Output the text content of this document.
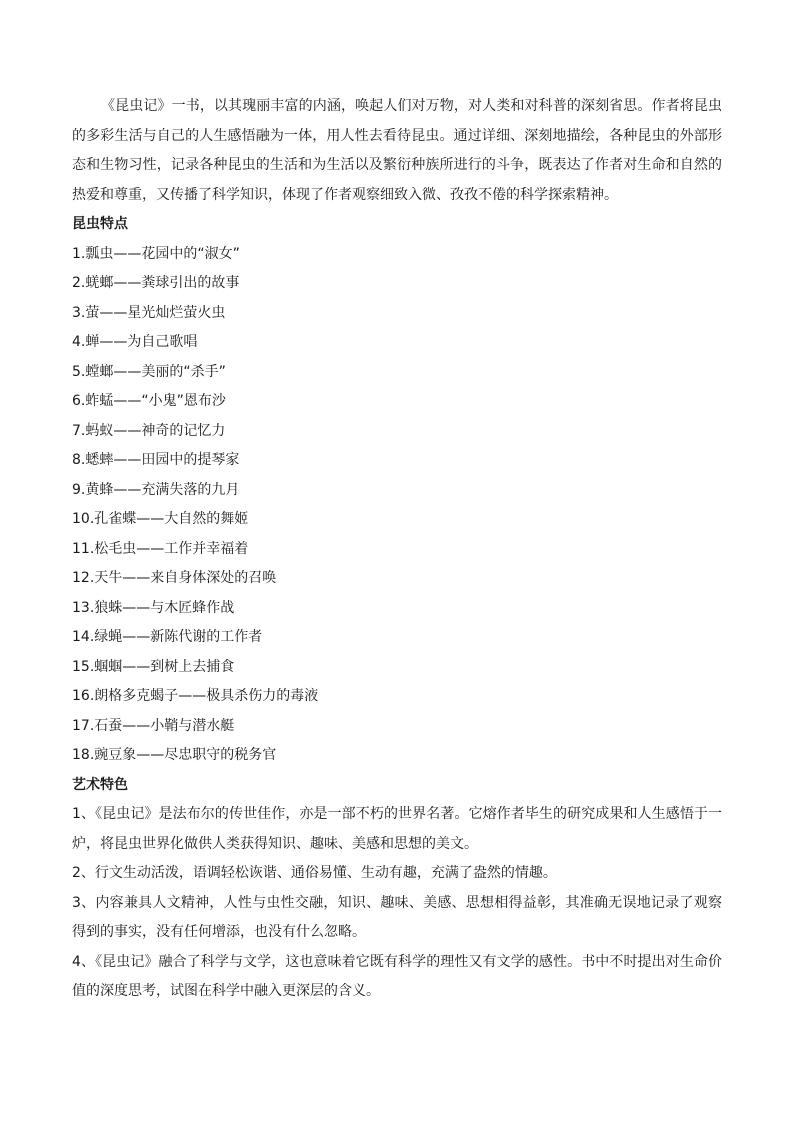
《昆虫记》一书，以其瑰丽丰富的内涵，唤起人们对万物，对人类和对科普的深刻省思。作者将昆虫的多彩生活与自己的人生感悟融为一体，用人性去看待昆虫。通过详细、深刻地描绘，各种昆虫的外部形态和生物习性，记录各种昆虫的生活和为生活以及繁衍种族所进行的斗争，既表达了作者对生命和自然的热爱和尊重，又传播了科学知识，体现了作者观察细致入微、孜孜不倦的科学探索精神。

昆虫特点

1.瓢虫——花园中的“淑女”
2.蜣螂——粪球引出的故事
3.萤——星光灿烂萤火虫
4.蝉——为自己歌唱
5.螳螂——美丽的“杀手”
6.蚱蜢——“小鬼”恩布沙
7.蚂蚁——神奇的记忆力
8.蟋蟀——田园中的提琴家
9.黄蜂——充满失落的九月
10.孔雀蝶——大自然的舞姬
11.松毛虫——工作并幸福着
12.天牛——来自身体深处的召唤
13.狼蛛——与木匠蜂作战
14.绿蝇——新陈代谢的工作者
15.蝈蝈——到树上去捕食
16.朗格多克蝎子——极具杀伤力的毒液
17.石蚕——小鞘与潜水艇
18.豌豆象——尽忠职守的税务官

艺术特色

1、《昆虫记》是法布尔的传世佳作，亦是一部不朽的世界名著。它熔作者毕生的研究成果和人生感悟于一炉，将昆虫世界化做供人类获得知识、趣味、美感和思想的美文。

2、行文生动活泼，语调轻松诙谐、通俗易懂、生动有趣，充满了盎然的情趣。

3、内容兼具人文精神，人性与虫性交融，知识、趣味、美感、思想相得益彰，其准确无误地记录了观察得到的事实，没有任何增添，也没有什么忽略。

4、《昆虫记》融合了科学与文学，这也意味着它既有科学的理性又有文学的感性。书中不时提出对生命价值的深度思考，试图在科学中融入更深层的含义。
